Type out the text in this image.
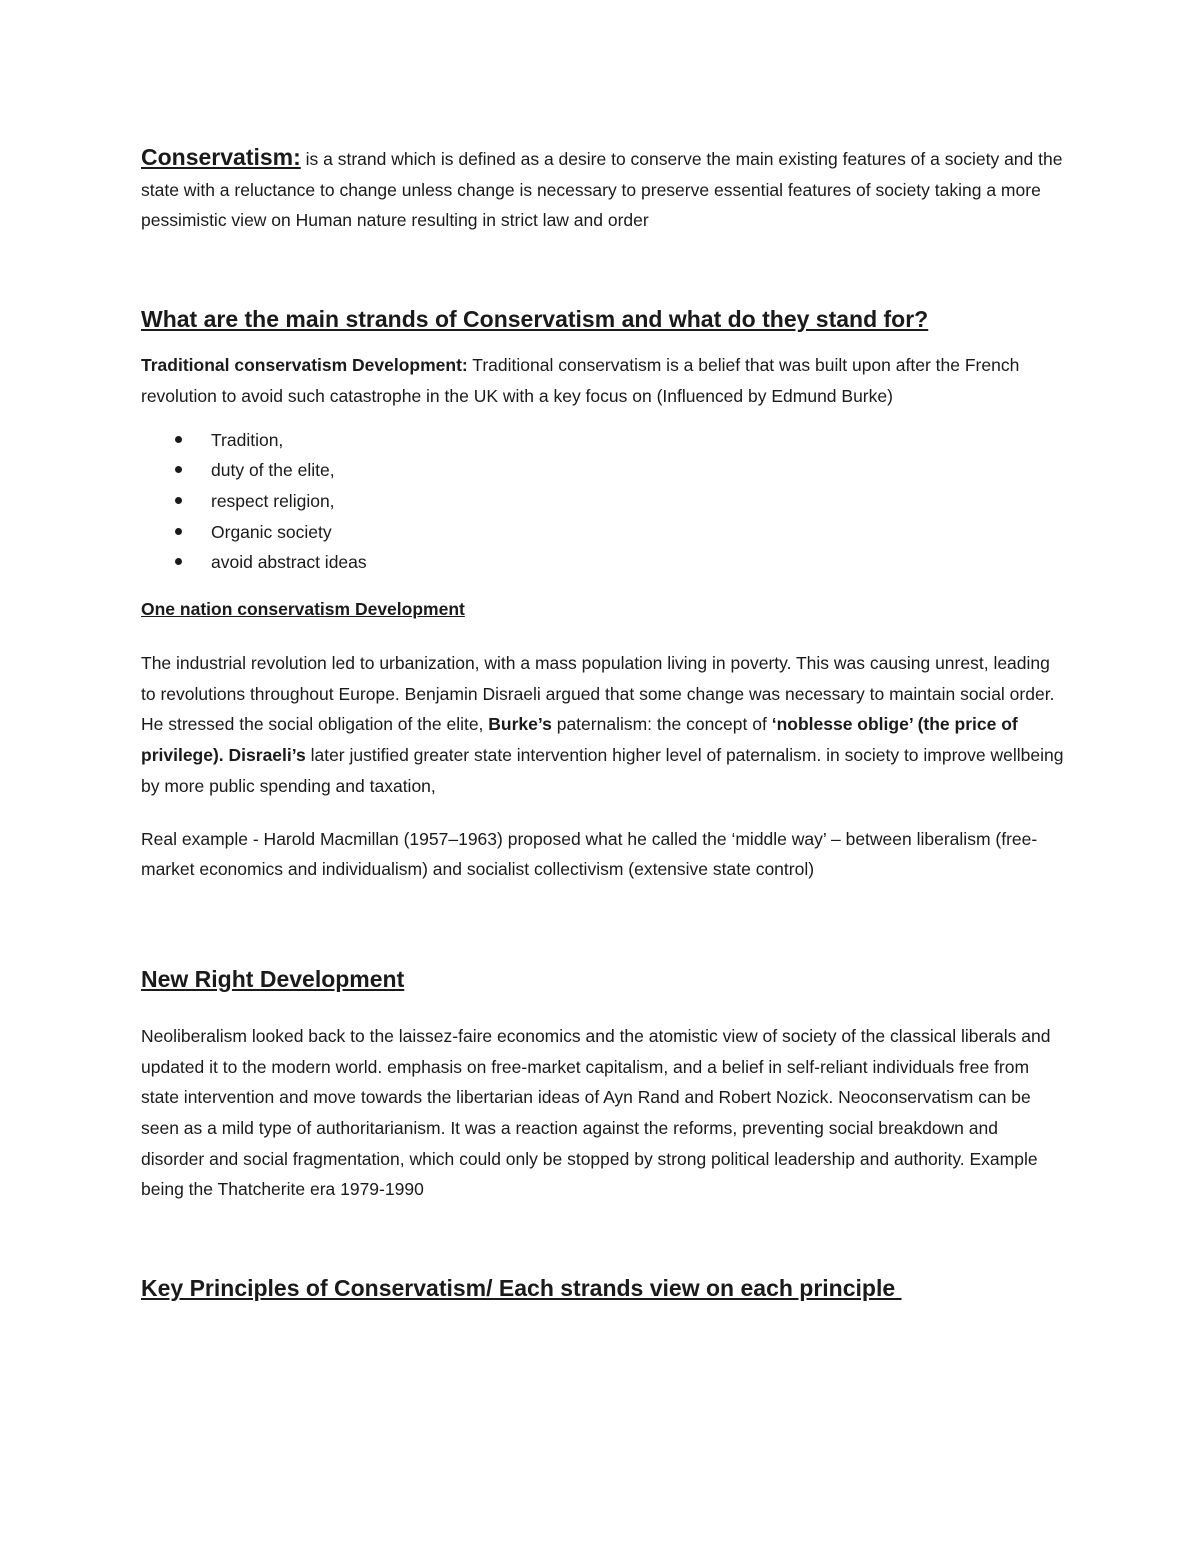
Conservatism: is a strand which is defined as a desire to conserve the main existing features of a society and the state with a reluctance to change unless change is necessary to preserve essential features of society taking a more pessimistic view on Human nature resulting in strict law and order

What are the main strands of Conservatism and what do they stand for?

Traditional conservatism Development: Traditional conservatism is a belief that was built upon after the French revolution to avoid such catastrophe in the UK with a key focus on (Influenced by Edmund Burke)

Tradition,
duty of the elite,
respect religion,
Organic society
avoid abstract ideas
One nation conservatism Development

The industrial revolution led to urbanization, with a mass population living in poverty. This was causing unrest, leading to revolutions throughout Europe. Benjamin Disraeli argued that some change was necessary to maintain social order. He stressed the social obligation of the elite, Burke’s paternalism: the concept of ‘noblesse oblige’ (the price of privilege). Disraeli’s later justified greater state intervention higher level of paternalism. in society to improve wellbeing by more public spending and taxation,

Real example - Harold Macmillan (1957–1963) proposed what he called the ‘middle way’ – between liberalism (free-market economics and individualism) and socialist collectivism (extensive state control)

New Right Development

Neoliberalism looked back to the laissez-faire economics and the atomistic view of society of the classical liberals and updated it to the modern world. emphasis on free-market capitalism, and a belief in self-reliant individuals free from state intervention and move towards the libertarian ideas of Ayn Rand and Robert Nozick. Neoconservatism can be seen as a mild type of authoritarianism. It was a reaction against the reforms, preventing social breakdown and disorder and social fragmentation, which could only be stopped by strong political leadership and authority. Example being the Thatcherite era 1979-1990

Key Principles of Conservatism/ Each strands view on each principle
